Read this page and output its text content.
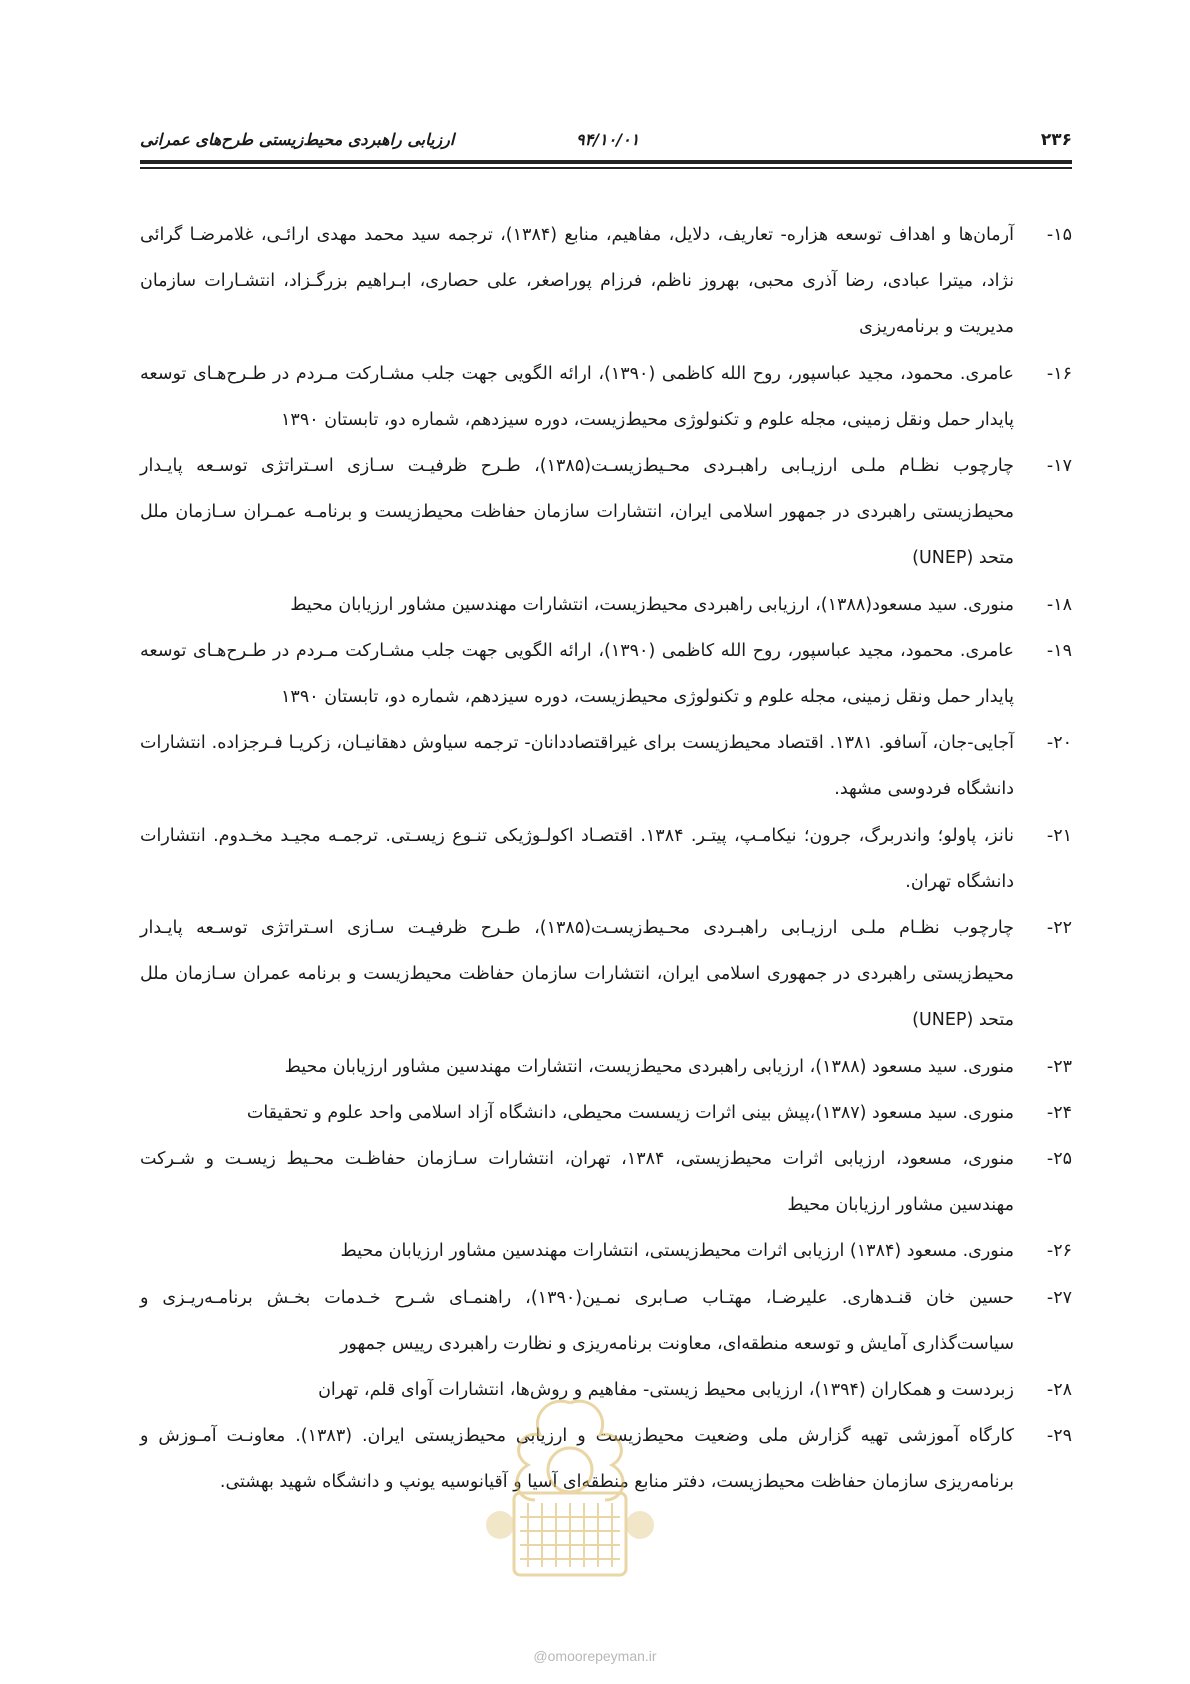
۲۳۶
۹۴/۱۰/۰۱
ارزیابی راهبردی محیط‌زیستی طرح‌های عمرانی
۱۵-
آرمان‌ها و اهداف توسعه هزاره- تعاریف، دلایل، مفاهیم، منابع (۱۳۸۴)، ترجمه سید محمد مهدی ارائـی، غلامرضـا گرائی نژاد، میترا عبادی، رضا آذری محبی، بهروز ناظم، فرزام پوراصغر، علی حصاری، ابـراهیم بزرگـزاد، انتشـارات سازمان مدیریت و برنامه‌ریزی
۱۶-
عامری. محمود، مجید عباسپور، روح الله کاظمی (۱۳۹۰)، ارائه الگویی جهت جلب مشـارکت مـردم در طـرح‌هـای توسعه پایدار حمل ونقل زمینی، مجله علوم و تکنولوژی محیط‌زیست، دوره سیزدهم، شماره دو، تابستان ۱۳۹۰
۱۷-
چارچوب نظـام ملـی ارزیـابی راهبـردی محـیط‌زیسـت(۱۳۸۵)، طـرح ظرفیـت سـازی اسـتراتژی توسـعه پایـدار محیط‌زیستی راهبردی در جمهور اسلامی ایران، انتشارات سازمان حفاظت محیط‌زیست و برنامـه عمـران سـازمان ملل متحد (UNEP)
۱۸-
منوری. سید مسعود(۱۳۸۸)، ارزیابی راهبردی محیط‌زیست، انتشارات مهندسین مشاور ارزیابان محیط
۱۹-
عامری. محمود، مجید عباسپور، روح الله کاظمی (۱۳۹۰)، ارائه الگویی جهت جلب مشـارکت مـردم در طـرح‌هـای توسعه پایدار حمل ونقل زمینی، مجله علوم و تکنولوژی محیط‌زیست، دوره سیزدهم، شماره دو، تابستان ۱۳۹۰
۲۰-
آجایی-جان، آسافو. ۱۳۸۱. اقتصاد محیط‌زیست برای غیراقتصاددانان- ترجمه سیاوش دهقانیـان، زکریـا فـرجزاده. انتشارات دانشگاه فردوسی مشهد.
۲۱-
نانز، پاولو؛ واندربرگ، جرون؛ نیکامـپ، پیتـر. ۱۳۸۴. اقتصـاد اکولـوژیکی تنـوع زیسـتی. ترجمـه مجیـد مخـدوم. انتشارات دانشگاه تهران.
۲۲-
چارچوب نظـام ملـی ارزیـابی راهبـردی محـیط‌زیسـت(۱۳۸۵)، طـرح ظرفیـت سـازی اسـتراتژی توسـعه پایـدار محیط‌زیستی راهبردی در جمهوری اسلامی ایران، انتشارات سازمان حفاظت محیط‌زیست و برنامه عمران سـازمان ملل متحد (UNEP)
۲۳-
منوری. سید مسعود (۱۳۸۸)، ارزیابی راهبردی محیط‌زیست، انتشارات مهندسین مشاور ارزیابان محیط
۲۴-
منوری. سید مسعود (۱۳۸۷)،پیش بینی اثرات زیسست محیطی، دانشگاه آزاد اسلامی واحد علوم و تحقیقات
۲۵-
منوری، مسعود، ارزیابی اثرات محیط‌زیستی، ۱۳۸۴، تهران، انتشارات سـازمان حفاظـت محـیط زیسـت و شـرکت مهندسین مشاور ارزیابان محیط
۲۶-
منوری. مسعود (۱۳۸۴) ارزیابی اثرات محیط‌زیستی، انتشارات مهندسین مشاور ارزیابان محیط
۲۷-
حسین خان قنـدهاری. علیرضـا، مهتـاب صـابری نمـین(۱۳۹۰)، راهنمـای شـرح خـدمات بخـش برنامـه‌ریـزی و سیاست‌گذاری آمایش و توسعه منطقه‌ای، معاونت برنامه‌ریزی و نظارت راهبردی رییس جمهور
۲۸-
زبردست و همکاران (۱۳۹۴)، ارزیابی محیط زیستی- مفاهیم و روش‌ها، انتشارات آوای قلم، تهران
۲۹-
کارگاه آموزشی تهیه گزارش ملی وضعیت محیط‌زیست و ارزیابی محیط‌زیستی ایران. (۱۳۸۳). معاونـت آمـوزش و برنامه‌ریزی سازمان حفاظت محیط‌زیست، دفتر منابع منطقه‌ای آسیا و آقیانوسیه یونپ و دانشگاه شهید بهشتی.
@omoorepeyman.ir
